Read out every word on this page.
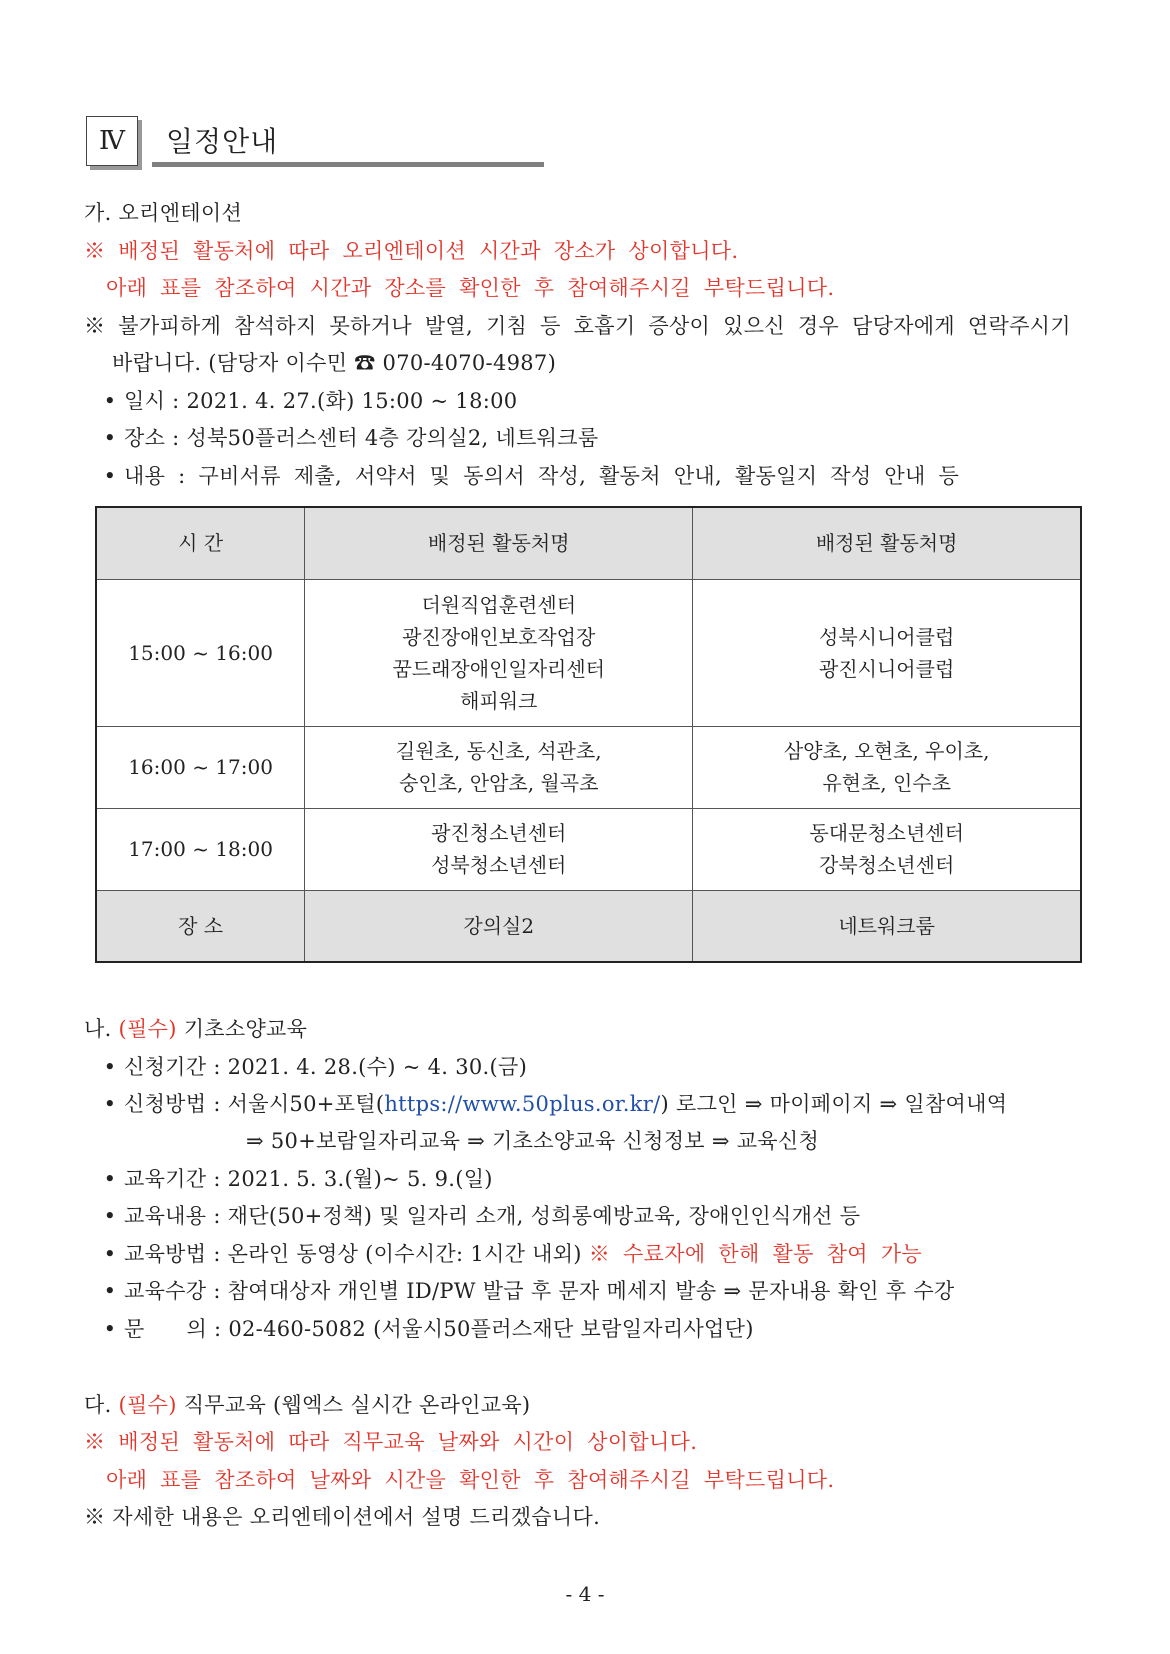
Ⅳ	일정안내
가. 오리엔테이션
※ 배정된 활동처에 따라 오리엔테이션 시간과 장소가 상이합니다.
아래 표를 참조하여 시간과 장소를 확인한 후 참여해주시길 부탁드립니다.
※ 불가피하게 참석하지 못하거나 발열, 기침 등 호흡기 증상이 있으신 경우 담당자에게 연락주시기
바랍니다. (담당자 이수민 ☎ 070-4070-4987)
• 일시 : 2021. 4. 27.(화) 15:00 ~ 18:00
• 장소 : 성북50플러스센터 4층 강의실2, 네트워크룸
• 내용 : 구비서류 제출, 서약서 및 동의서 작성, 활동처 안내, 활동일지 작성 안내 등
시 간	배정된 활동처명	배정된 활동처명
15:00 ~ 16:00	더원직업훈련센터
광진장애인보호작업장
꿈드래장애인일자리센터
해피워크	성북시니어클럽
광진시니어클럽

16:00 ~ 17:00	길원초, 동신초, 석관초,
숭인초, 안암초, 월곡초	삼양초, 오현초, 우이초,
유현초, 인수초

17:00 ~ 18:00	광진청소년센터
성북청소년센터	동대문청소년센터
강북청소년센터

장 소	강의실2	네트워크룸
나. (필수) 기초소양교육
• 신청기간 : 2021. 4. 28.(수) ~ 4. 30.(금)
• 신청방법 : 서울시50+포털(https://www.50plus.or.kr/) 로그인 ⇒ 마이페이지 ⇒ 일참여내역
⇒ 50+보람일자리교육 ⇒ 기초소양교육 신청정보 ⇒ 교육신청
• 교육기간 : 2021. 5. 3.(월)~ 5. 9.(일)
• 교육내용 : 재단(50+정책) 및 일자리 소개, 성희롱예방교육, 장애인인식개선 등
• 교육방법 : 온라인 동영상 (이수시간: 1시간 내외) ※ 수료자에 한해 활동 참여 가능
• 교육수강 : 참여대상자 개인별 ID/PW 발급 후 문자 메세지 발송 ⇒ 문자내용 확인 후 수강
• 문      의 : 02-460-5082 (서울시50플러스재단 보람일자리사업단)
다. (필수) 직무교육 (웹엑스 실시간 온라인교육)
※ 배정된 활동처에 따라 직무교육 날짜와 시간이 상이합니다.
아래 표를 참조하여 날짜와 시간을 확인한 후 참여해주시길 부탁드립니다.
※ 자세한 내용은 오리엔테이션에서 설명 드리겠습니다.
- 4 -
